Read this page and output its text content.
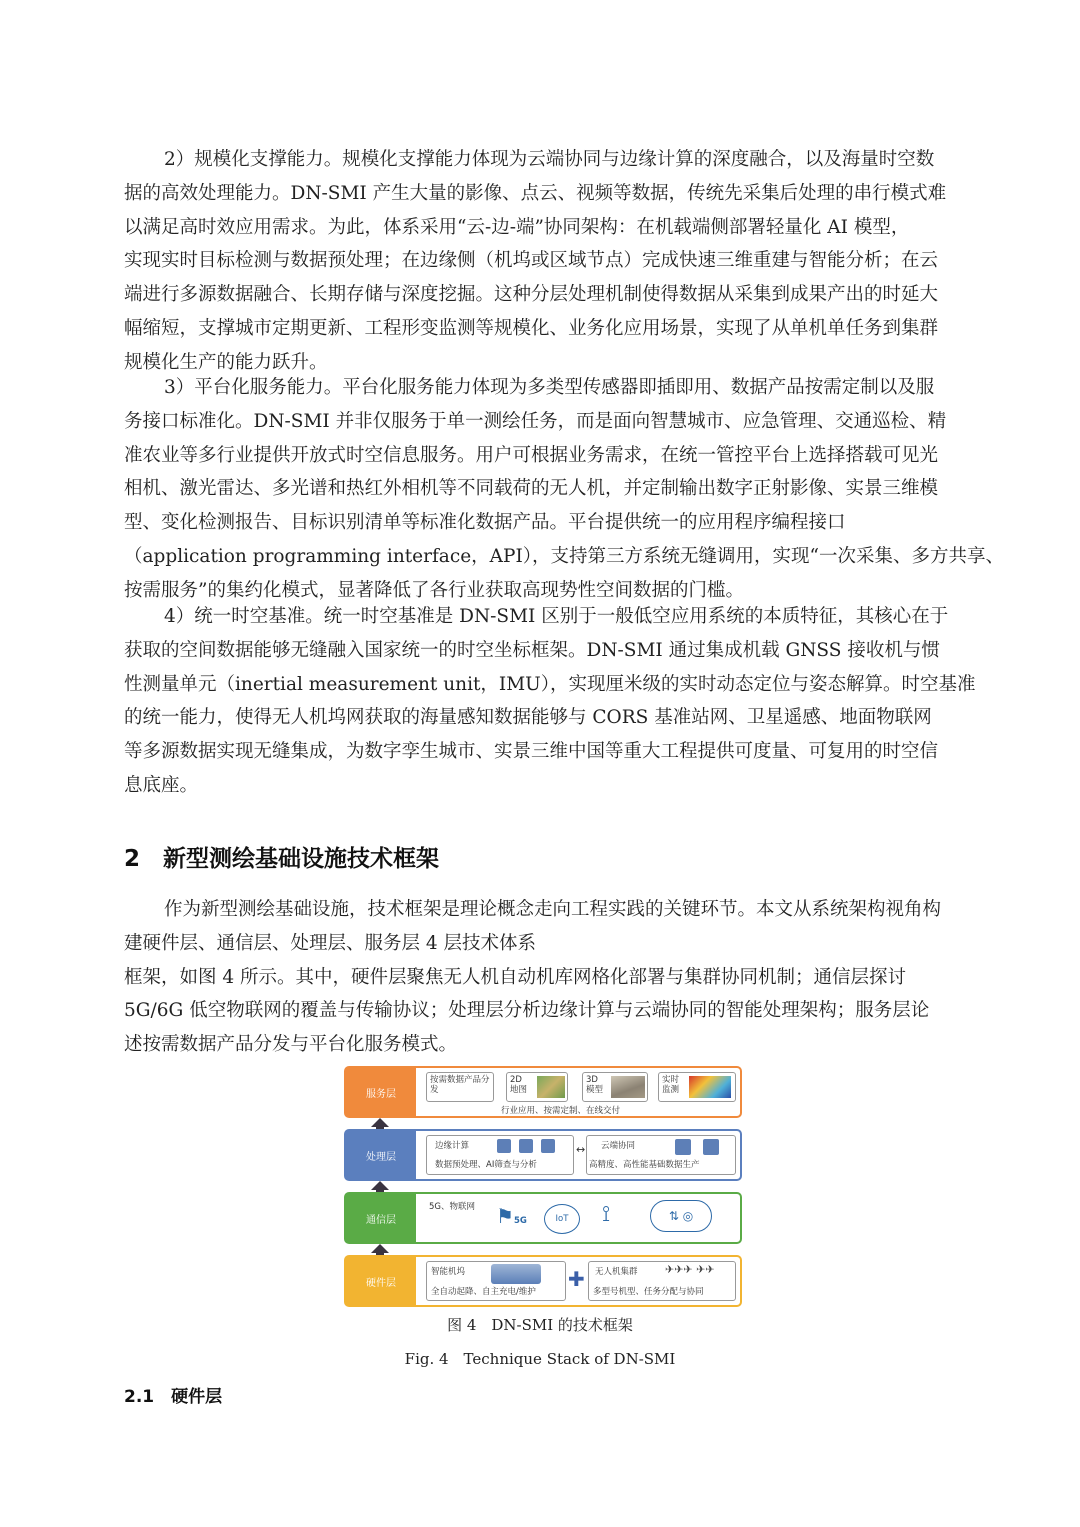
2）规模化支撑能力。规模化支撑能力体现为云端协同与边缘计算的深度融合，以及海量时空数
据的高效处理能力。DN-SMI 产生大量的影像、点云、视频等数据，传统先采集后处理的串行模式难
以满足高时效应用需求。为此，体系采用“云-边-端”协同架构：在机载端侧部署轻量化 AI 模型，
实现实时目标检测与数据预处理；在边缘侧（机坞或区域节点）完成快速三维重建与智能分析；在云
端进行多源数据融合、长期存储与深度挖掘。这种分层处理机制使得数据从采集到成果产出的时延大
幅缩短，支撑城市定期更新、工程形变监测等规模化、业务化应用场景，实现了从单机单任务到集群
规模化生产的能力跃升。
3）平台化服务能力。平台化服务能力体现为多类型传感器即插即用、数据产品按需定制以及服
务接口标准化。DN-SMI 并非仅服务于单一测绘任务，而是面向智慧城市、应急管理、交通巡检、精
准农业等多行业提供开放式时空信息服务。用户可根据业务需求，在统一管控平台上选择搭载可见光
相机、激光雷达、多光谱和热红外相机等不同载荷的无人机，并定制输出数字正射影像、实景三维模
型、变化检测报告、目标识别清单等标准化数据产品。平台提供统一的应用程序编程接口
（application programming interface，API），支持第三方系统无缝调用，实现“一次采集、多方共享、
按需服务”的集约化模式，显著降低了各行业获取高现势性空间数据的门槛。
4）统一时空基准。统一时空基准是 DN-SMI 区别于一般低空应用系统的本质特征，其核心在于
获取的空间数据能够无缝融入国家统一的时空坐标框架。DN-SMI 通过集成机载 GNSS 接收机与惯
性测量单元（inertial measurement unit，IMU），实现厘米级的实时动态定位与姿态解算。时空基准
的统一能力，使得无人机坞网获取的海量感知数据能够与 CORS 基准站网、卫星遥感、地面物联网
等多源数据实现无缝集成，为数字孪生城市、实景三维中国等重大工程提供可度量、可复用的时空信
息底座。
2　新型测绘基础设施技术框架
作为新型测绘基础设施，技术框架是理论概念走向工程实践的关键环节。本文从系统架构视角构
建硬件层、通信层、处理层、服务层 4 层技术体系
框架，如图 4 所示。其中，硬件层聚焦无人机自动机库网格化部署与集群协同机制；通信层探讨
5G/6G 低空物联网的覆盖与传输协议；处理层分析边缘计算与云端协同的智能处理架构；服务层论
述按需数据产品分发与平台化服务模式。
服务层
按需数据产品分发
2D 地图
3D 模型
实时监测
行业应用、按需定制、在线交付
处理层
边缘计算
数据预处理、AI筛查与分析
↔ 云端协同
高精度、高性能基础数据生产
通信层
5G、物联网 ⚑ 5G	IoT	⟟	⇅ ◎
硬件层
智能机坞
全自动起降、自主充电/维护
✚ 无人机集群 ✈✈✈ ✈✈
多型号机型、任务分配与协同

图 4　DN-SMI 的技术框架

Fig. 4　Technique Stack of DN-SMI

2.1　硬件层
